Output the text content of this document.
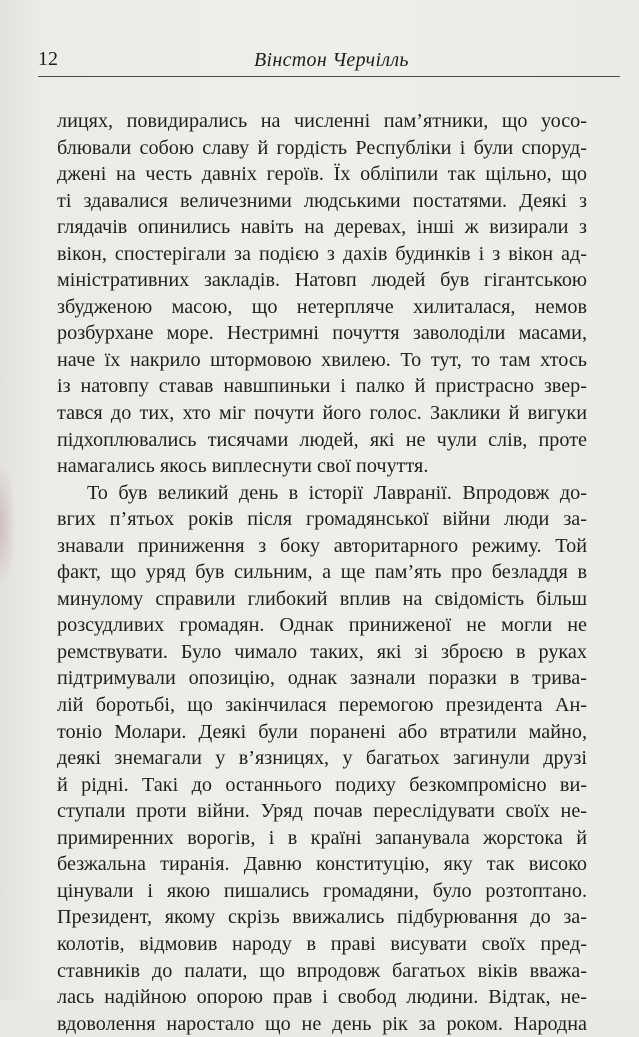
12	Вінстон Черчілль
лицях, повидирались на численні пам’ятники, що уосо-
блювали собою славу й гордість Республіки і були споруд-
джені на честь давніх героїв. Їх обліпили так щільно, що
ті здавалися величезними людськими постатями. Деякі з
глядачів опинились навіть на деревах, інші ж визирали з
вікон, спостерігали за подією з дахів будинків і з вікон ад-
міністративних закладів. Натовп людей був гігантською
збудженою масою, що нетерпляче хилиталася, немов
розбурхане море. Нестримні почуття заволоділи масами,
наче їх накрило штормовою хвилею. То тут, то там хтось
із натовпу ставав навшпиньки і палко й пристрасно звер-
тався до тих, хто міг почути його голос. Заклики й вигуки
підхоплювались тисячами людей, які не чули слів, проте
намагались якось виплеснути свої почуття.
То був великий день в історії Лавранії. Впродовж до-
вгих п’ятьох років після громадянської війни люди за-
знавали приниження з боку авторитарного режиму. Той
факт, що уряд був сильним, а ще пам’ять про безладдя в
минулому справили глибокий вплив на свідомість більш
розсудливих громадян. Однак приниженої не могли не
ремствувати. Було чимало таких, які зі зброєю в руках
підтримували опозицію, однак зазнали поразки в трива-
лій боротьбі, що закінчилася перемогою президента Ан-
тоніо Молари. Деякі були поранені або втратили майно,
деякі знемагали у в’язницях, у багатьох загинули друзі
й рідні. Такі до останнього подиху безкомпромісно ви-
ступали проти війни. Уряд почав переслідувати своїх не-
примиренних ворогів, і в країні запанувала жорстока й
безжальна тиранія. Давню конституцію, яку так високо
цінували і якою пишались громадяни, було розтоптано.
Президент, якому скрізь ввижались підбурювання до за-
колотів, відмовив народу в праві висувати своїх пред-
ставників до палати, що впродовж багатьох віків вважа-
лась надійною опорою прав і свобод людини. Відтак, не-
вдоволення наростало що не день рік за роком. Народна
